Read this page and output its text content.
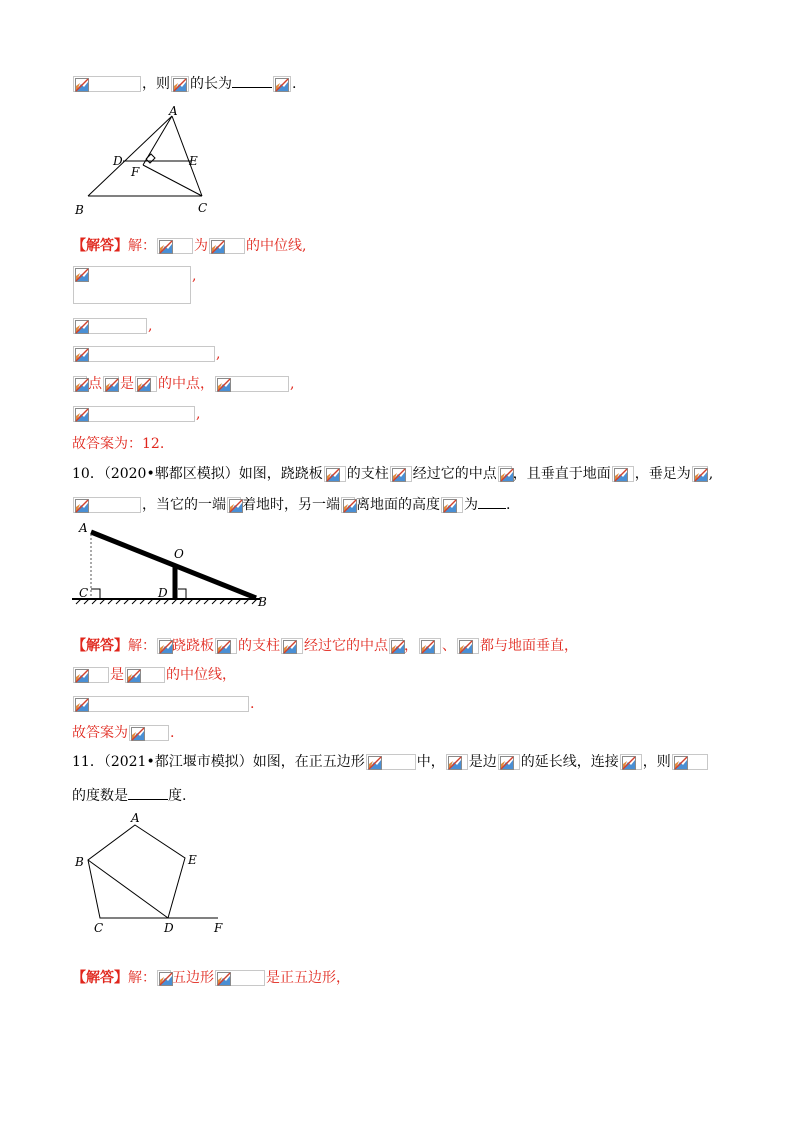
，则 的长为	.
A
B	C
D	E
F
【解答】解：	为	的中位线,
,
,
,
点 是 的中点，	,
,
故答案为：12.
10．（2020•郫都区模拟）如图，跷跷板 的支柱 经过它的中点 ，且垂直于地面 ，垂足为 ,
，当它的一端 着地时，另一端 离地面的高度 为 .
A
O
C	D
B
【解答】解： 跷跷板 的支柱 经过它的中点 ， 、 都与地面垂直，
是	的中位线，
.
故答案为	.
11．（2021•都江堰市模拟）如图，在正五边形	中， 是边 的延长线，连接 ，则
的度数是	度.
A
B
C	D
E
F
【解答】解： 五边形	是正五边形，
